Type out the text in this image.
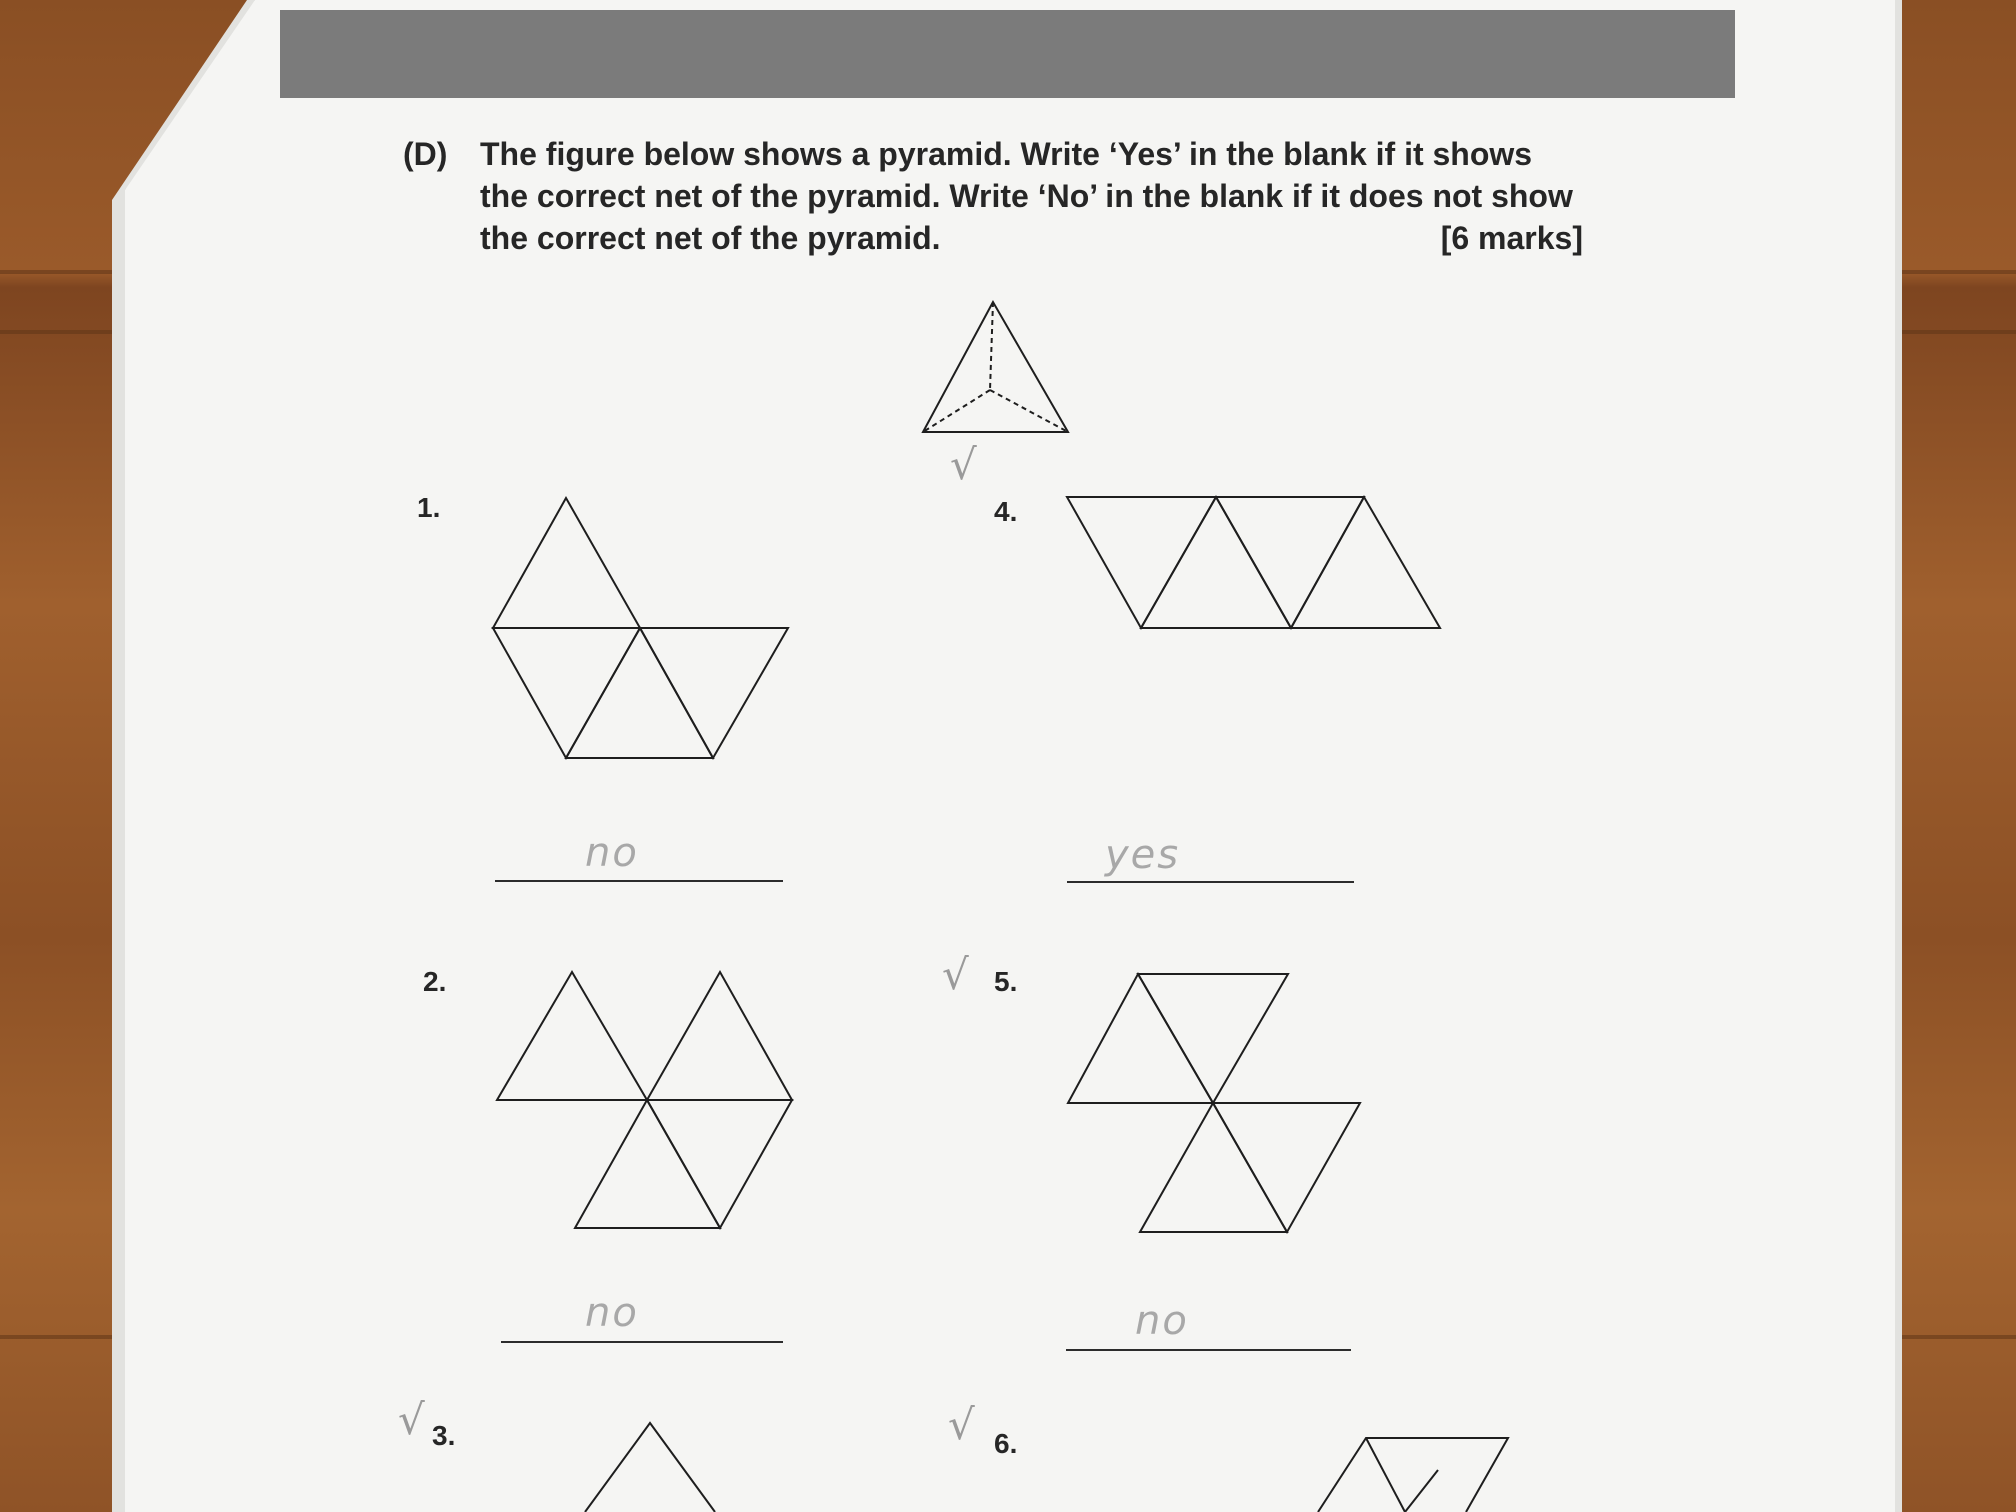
(D) The figure below shows a pyramid. Write ‘Yes’ in the blank if it shows the correct net of the pyramid. Write ‘No’ in the blank if it does not show the correct net of the pyramid.	[6 marks]
1.
2.
3.
4.
5.
6.
√
√
√
√
no
no
yes
no
